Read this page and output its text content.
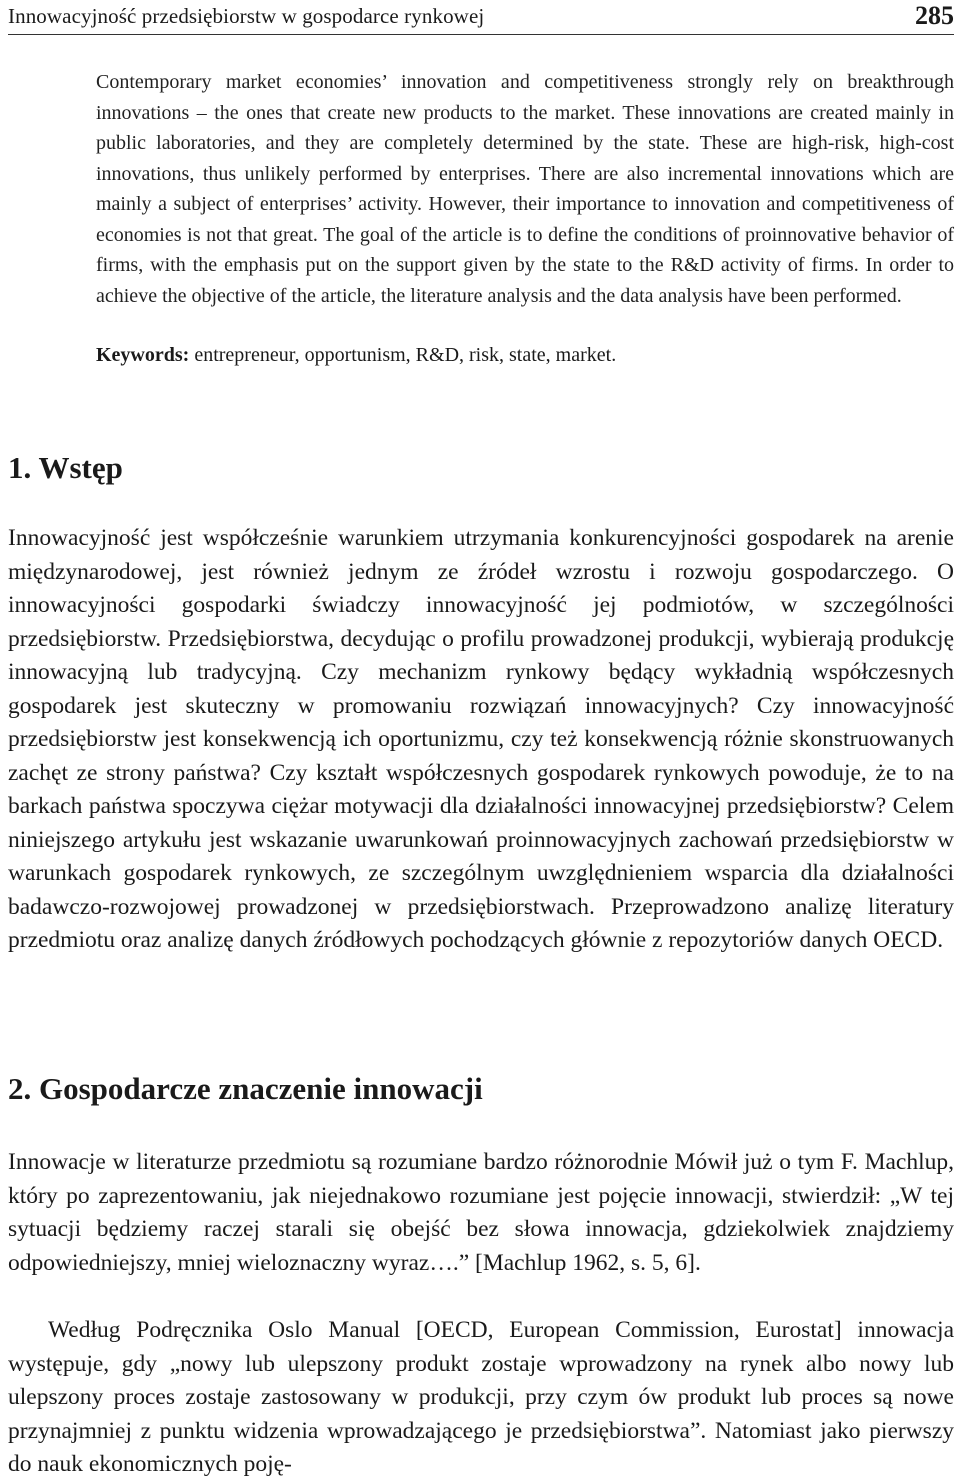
Innowacyjność przedsiębiorstw w gospodarce rynkowej	285

Contemporary market economies’ innovation and competitiveness strongly rely on breakthrough innovations – the ones that create new products to the market. These innovations are created mainly in public laboratories, and they are completely determined by the state. These are high-risk, high-cost innovations, thus unlikely performed by enterprises. There are also incremental innovations which are mainly a subject of enterprises’ activity. However, their importance to innovation and competitiveness of economies is not that great. The goal of the article is to define the conditions of proinnovative behavior of firms, with the emphasis put on the support given by the state to the R&D activity of firms. In order to achieve the objective of the article, the literature analysis and the data analysis have been performed.

Keywords: entrepreneur, opportunism, R&D, risk, state, market.
1. Wstęp

Innowacyjność jest współcześnie warunkiem utrzymania konkurencyjności gospodarek na arenie międzynarodowej, jest również jednym ze źródeł wzrostu i rozwoju gospodarczego. O innowacyjności gospodarki świadczy innowacyjność jej podmiotów, w szczególności przedsiębiorstw. Przedsiębiorstwa, decydując o profilu prowadzonej produkcji, wybierają produkcję innowacyjną lub tradycyjną. Czy mechanizm rynkowy będący wykładnią współczesnych gospodarek jest skuteczny w promowaniu rozwiązań innowacyjnych? Czy innowacyjność przedsiębiorstw jest konsekwencją ich oportunizmu, czy też konsekwencją różnie skonstruowanych zachęt ze strony państwa? Czy kształt współczesnych gospodarek rynkowych powoduje, że to na barkach państwa spoczywa ciężar motywacji dla działalności innowacyjnej przedsiębiorstw? Celem niniejszego artykułu jest wskazanie uwarunkowań proinnowacyjnych zachowań przedsiębiorstw w warunkach gospodarek rynkowych, ze szczególnym uwzględnieniem wsparcia dla działalności badawczo-rozwojowej prowadzonej w przedsiębiorstwach. Przeprowadzono analizę literatury przedmiotu oraz analizę danych źródłowych pochodzących głównie z repozytoriów danych OECD.

2. Gospodarcze znaczenie innowacji

Innowacje w literaturze przedmiotu są rozumiane bardzo różnorodnie Mówił już o tym F. Machlup, który po zaprezentowaniu, jak niejednakowo rozumiane jest pojęcie innowacji, stwierdził: „W tej sytuacji będziemy raczej starali się obejść bez słowa innowacja, gdziekolwiek znajdziemy odpowiedniejszy, mniej wieloznaczny wyraz….” [Machlup 1962, s. 5, 6].

Według Podręcznika Oslo Manual [OECD, European Commission, Eurostat] innowacja występuje, gdy „nowy lub ulepszony produkt zostaje wprowadzony na rynek albo nowy lub ulepszony proces zostaje zastosowany w produkcji, przy czym ów produkt lub proces są nowe przynajmniej z punktu widzenia wprowadzającego je przedsiębiorstwa”. Natomiast jako pierwszy do nauk ekonomicznych poję-
